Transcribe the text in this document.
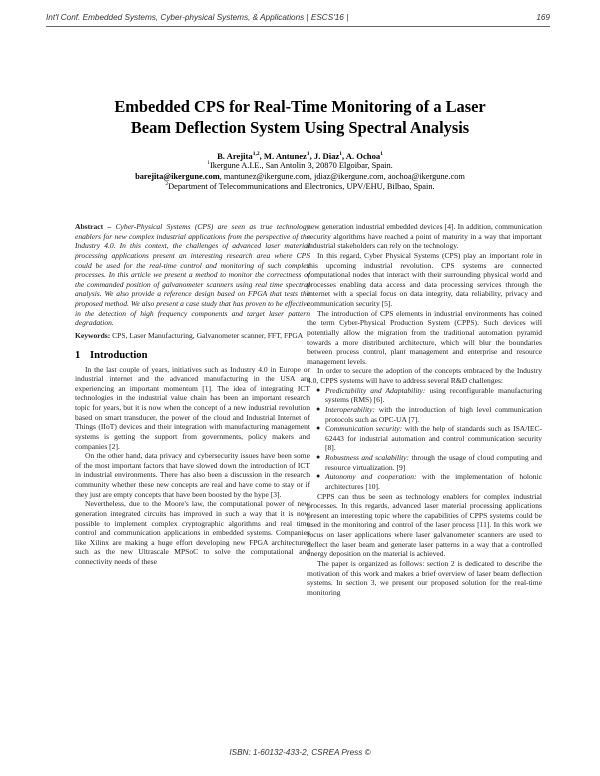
Int'l Conf. Embedded Systems, Cyber-physical Systems, & Applications | ESCS'16 |	169
Embedded CPS for Real-Time Monitoring of a Laser
Beam Deflection System Using Spectral Analysis
B. Arejita$^{1,2}$, M. Antunez$^1$, J. Diaz$^1$, A. Ochoa$^1$
$^1$Ikergune A.I.E., San Antolin 3, 20870 Elgoibar, Spain.
barejita@ikergune.com, mantunez@ikergune.com, jdiaz@ikergune.com, aochoa@ikergune.com
$^2$Department of Telecommunications and Electronics, UPV/EHU, Bilbao, Spain.

Abstract – Cyber-Physical Systems (CPS) are seen as true technology enablers for new complex industrial applications from the perspective of the Industry 4.0. In this context, the challenges of advanced laser material processing applications present an interesting research area where CPS could be used for the real-time control and monitoring of such complex processes. In this article we present a method to monitor the correctness of the commanded position of galvanometer scanners using real time spectral analysis. We also provide a reference design based on FPGA that tests the proposed method. We also present a case study that has proven to be effective in the detection of high frequency components and target laser pattern degradation.

Keywords: CPS, Laser Manufacturing, Galvanometer scanner, FFT, FPGA

1 Introduction

In the last couple of years, initiatives such as Industry 4.0 in Europe or industrial internet and the advanced manufacturing in the USA are experiencing an important momentum [1]. The idea of integrating ICT technologies in the industrial value chain has been an important research topic for years, but it is now when the concept of a new industrial revolution based on smart transducer, the power of the cloud and Industrial Internet of Things (IIoT) devices and their integration with manufacturing management systems is getting the support from governments, policy makers and companies [2].

On the other hand, data privacy and cybersecurity issues have been some of the most important factors that have slowed down the introduction of ICT in industrial environments. There has also been a discussion in the research community whether these new concepts are real and have come to stay or if they just are empty concepts that have been boosted by the hype [3].

Nevertheless, due to the Moore's law, the computational power of new generation integrated circuits has improved in such a way that it is now possible to implement complex cryptographic algorithms and real time control and communication applications in embedded systems. Companies like Xilinx are making a huge effort developing new FPGA architectures such as the new Ultrascale MPSoC to solve the computational and connectivity needs of these

new generation industrial embedded devices [4]. In addition, communication security algorithms have reached a point of maturity in a way that important industrial stakeholders can rely on the technology.

In this regard, Cyber Physical Systems (CPS) play an important role in this upcoming industrial revolution. CPS systems are connected computational nodes that interact with their surrounding physical world and processes enabling data access and data processing services through the internet with a special focus on data integrity, data reliability, privacy and communication security [5].

The introduction of CPS elements in industrial environments has coined the term Cyber-Physical Production System (CPPS). Such devices will potentially allow the migration from the traditional automation pyramid towards a more distributed architecture, which will blur the boundaries between process control, plant management and enterprise and resource management levels.

In order to secure the adoption of the concepts embraced by the Industry 4.0, CPPS systems will have to address several R&D challenges:

● Predictability and Adaptability: using reconfigurable manufacturing systems (RMS) [6].
● Interoperability: with the introduction of high level communication protocols such as OPC-UA [7].
● Communication security: with the help of standards such as ISA/IEC-62443 for industrial automation and control communication security [8].
● Robustness and scalability: through the usage of cloud computing and resource virtualization. [9]
● Autonomy and cooperation: with the implementation of holonic architectures [10].

CPPS can thus be seen as technology enablers for complex industrial processes. In this regards, advanced laser material processing applications present an interesting topic where the capabilities of CPPS systems could be used in the monitoring and control of the laser process [11]. In this work we focus on laser applications where laser galvanometer scanners are used to deflect the laser beam and generate laser patterns in a way that a controlled energy deposition on the material is achieved.

The paper is organized as follows: section 2 is dedicated to describe the motivation of this work and makes a brief overview of laser beam deflection systems. In section 3, we present our proposed solution for the real-time monitoring

ISBN: 1-60132-433-2, CSREA Press ©
